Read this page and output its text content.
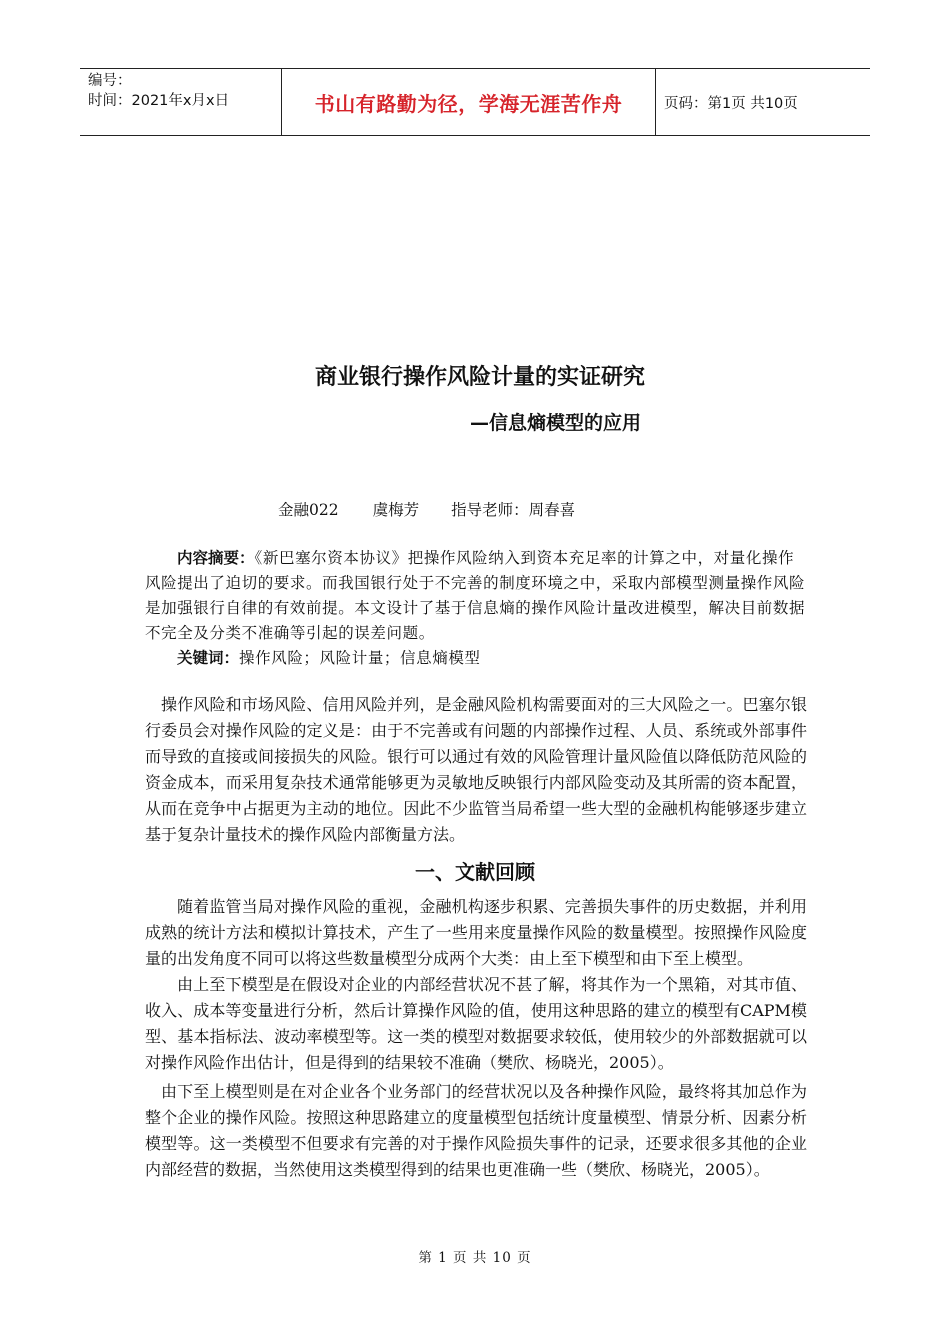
编号：
时间：2021年x月x日	书山有路勤为径，学海无涯苦作舟	页码：第1页 共10页
商业银行操作风险计量的实证研究
—信息熵模型的应用
金融022 虞梅芳 指导老师：周春喜

内容摘要：《新巴塞尔资本协议》把操作风险纳入到资本充足率的计算之中，对量化操作风险提出了迫切的要求。而我国银行处于不完善的制度环境之中，采取内部模型测量操作风险是加强银行自律的有效前提。本文设计了基于信息熵的操作风险计量改进模型，解决目前数据不完全及分类不准确等引起的误差问题。

关键词：操作风险；风险计量；信息熵模型

操作风险和市场风险、信用风险并列，是金融风险机构需要面对的三大风险之一。巴塞尔银行委员会对操作风险的定义是：由于不完善或有问题的内部操作过程、人员、系统或外部事件而导致的直接或间接损失的风险。银行可以通过有效的风险管理计量风险值以降低防范风险的资金成本，而采用复杂技术通常能够更为灵敏地反映银行内部风险变动及其所需的资本配置，从而在竞争中占据更为主动的地位。因此不少监管当局希望一些大型的金融机构能够逐步建立基于复杂计量技术的操作风险内部衡量方法。

一、文献回顾

随着监管当局对操作风险的重视，金融机构逐步积累、完善损失事件的历史数据，并利用成熟的统计方法和模拟计算技术，产生了一些用来度量操作风险的数量模型。按照操作风险度量的出发角度不同可以将这些数量模型分成两个大类：由上至下模型和由下至上模型。

由上至下模型是在假设对企业的内部经营状况不甚了解，将其作为一个黑箱，对其市值、收入、成本等变量进行分析，然后计算操作风险的值，使用这种思路的建立的模型有CAPM模型、基本指标法、波动率模型等。这一类的模型对数据要求较低，使用较少的外部数据就可以对操作风险作出估计，但是得到的结果较不准确（樊欣、杨晓光，2005）。

由下至上模型则是在对企业各个业务部门的经营状况以及各种操作风险，最终将其加总作为整个企业的操作风险。按照这种思路建立的度量模型包括统计度量模型、情景分析、因素分析模型等。这一类模型不但要求有完善的对于操作风险损失事件的记录，还要求很多其他的企业内部经营的数据，当然使用这类模型得到的结果也更准确一些（樊欣、杨晓光，2005）。

第 1 页 共 10 页
